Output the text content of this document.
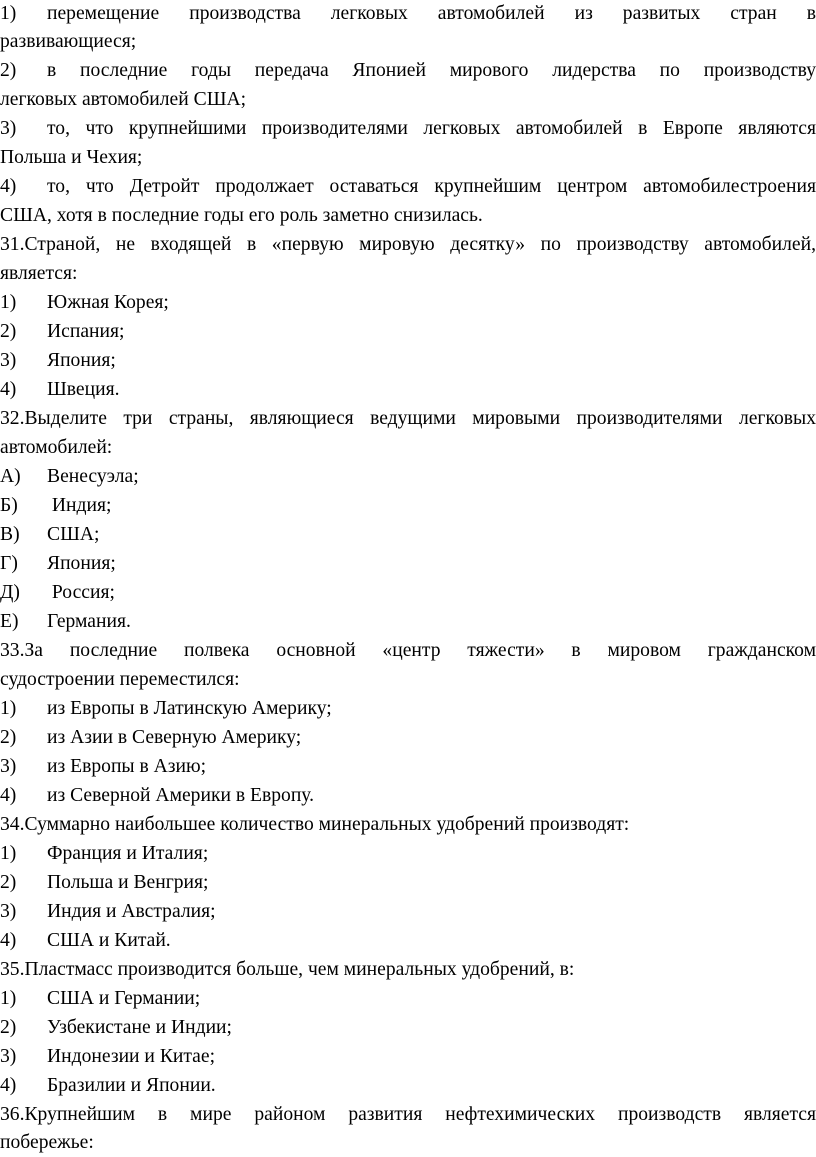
1) перемещение производства легковых автомобилей из развитых стран в
развивающиеся;
2) в последние годы передача Японией мирового лидерства по производству
легковых автомобилей США;
3) то, что крупнейшими производителями легковых автомобилей в Европе являются
Польша и Чехия;
4) то, что Детройт продолжает оставаться крупнейшим центром автомобилестроения
США, хотя в последние годы его роль заметно снизилась.
31.Страной, не входящей в «первую мировую десятку» по производству автомобилей,
является:
1) Южная Корея;
2) Испания;
3) Япония;
4) Швеция.
32.Выделите три страны, являющиеся ведущими мировыми производителями легковых
автомобилей:
А) Венесуэла;
Б) Индия;
В) США;
Г) Япония;
Д) Россия;
Е) Германия.
33.За последние полвека основной «центр тяжести» в мировом гражданском
судостроении переместился:
1) из Европы в Латинскую Америку;
2) из Азии в Северную Америку;
3) из Европы в Азию;
4) из Северной Америки в Европу.
34.Суммарно наибольшее количество минеральных удобрений производят:
1) Франция и Италия;
2) Польша и Венгрия;
3) Индия и Австралия;
4) США и Китай.
35.Пластмасс производится больше, чем минеральных удобрений, в:
1) США и Германии;
2) Узбекистане и Индии;
3) Индонезии и Китае;
4) Бразилии и Японии.
36.Крупнейшим в мире районом развития нефтехимических производств является
побережье:
